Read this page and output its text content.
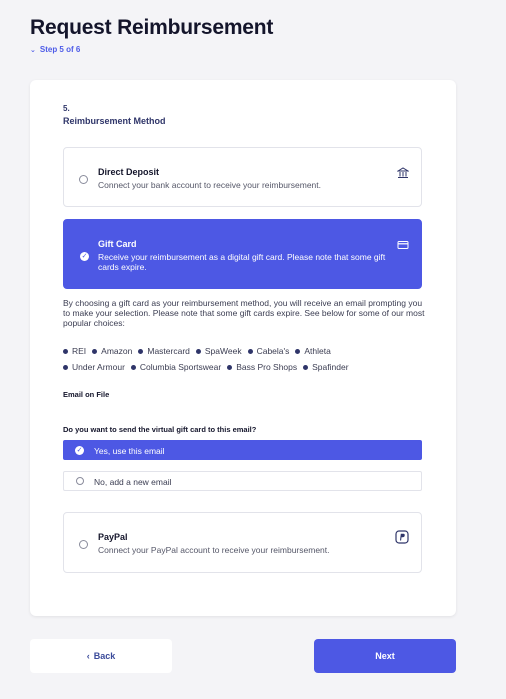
Request Reimbursement
⌄ Step 5 of 6
5.
Reimbursement Method
Direct Deposit
Connect your bank account to receive your reimbursement.
✓
Gift Card
Receive your reimbursement as a digital gift card. Please note that some gift cards expire.
By choosing a gift card as your reimbursement method, you will receive an email prompting you to make your selection. Please note that some gift cards expire. See below for some of our most popular choices:
REI Amazon Mastercard SpaWeek Cabela's Athleta
Under Armour Columbia Sportswear Bass Pro Shops Spafinder
Email on File
Do you want to send the virtual gift card to this email?
✓ Yes, use this email
No, add a new email
PayPal
Connect your PayPal account to receive your reimbursement.
‹ Back	Next
